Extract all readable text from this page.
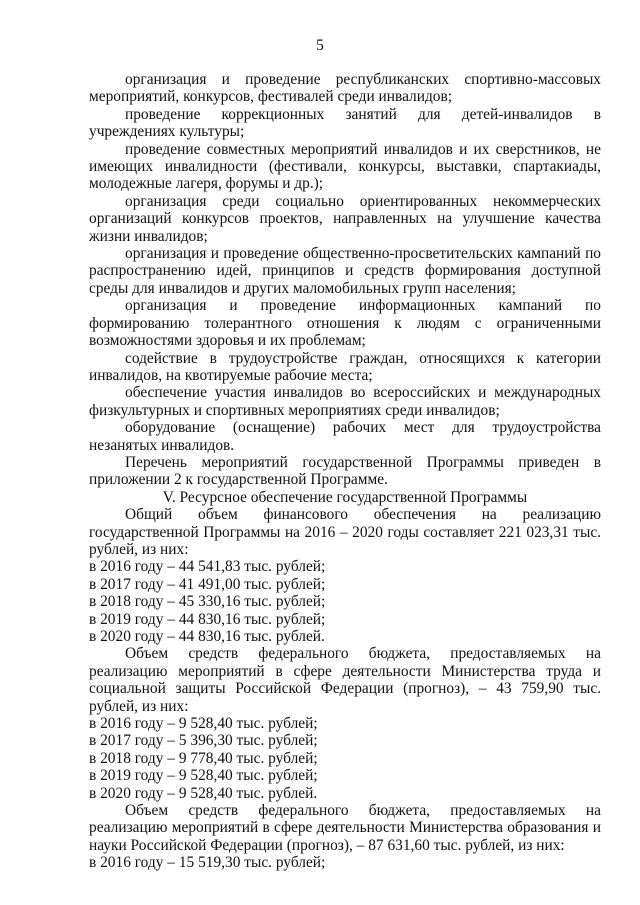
5

организация и проведение республиканских спортивно-массовых мероприятий, конкурсов, фестивалей среди инвалидов;

проведение коррекционных занятий для детей-инвалидов в учреждениях культуры;

проведение совместных мероприятий инвалидов и их сверстников, не имеющих инвалидности (фестивали, конкурсы, выставки, спартакиады, молодежные лагеря, форумы и др.);

организация среди социально ориентированных некоммерческих организаций конкурсов проектов, направленных на улучшение качества жизни инвалидов;

организация и проведение общественно-просветительских кампаний по распространению идей, принципов и средств формирования доступной среды для инвалидов и других маломобильных групп населения;

организация и проведение информационных кампаний по формированию толерантного отношения к людям с ограниченными возможностями здоровья и их проблемам;

содействие в трудоустройстве граждан, относящихся к категории инвалидов, на квотируемые рабочие места;

обеспечение участия инвалидов во всероссийских и международных физкультурных и спортивных мероприятиях среди инвалидов;

оборудование (оснащение) рабочих мест для трудоустройства незанятых инвалидов.

Перечень мероприятий государственной Программы приведен в приложении 2 к государственной Программе.

V. Ресурсное обеспечение государственной Программы

Общий объем финансового обеспечения на реализацию государственной Программы на 2016 – 2020 годы составляет 221 023,31 тыс. рублей, из них:

в 2016 году – 44 541,83 тыс. рублей;
в 2017 году – 41 491,00 тыс. рублей;
в 2018 году – 45 330,16 тыс. рублей;
в 2019 году – 44 830,16 тыс. рублей;
в 2020 году – 44 830,16 тыс. рублей.

Объем средств федерального бюджета, предоставляемых на реализацию мероприятий в сфере деятельности Министерства труда и социальной защиты Российской Федерации (прогноз), – 43 759,90 тыс. рублей, из них:

в 2016 году – 9 528,40 тыс. рублей;
в 2017 году – 5 396,30 тыс. рублей;
в 2018 году – 9 778,40 тыс. рублей;
в 2019 году – 9 528,40 тыс. рублей;
в 2020 году – 9 528,40 тыс. рублей.

Объем средств федерального бюджета, предоставляемых на реализацию мероприятий в сфере деятельности Министерства образования и науки Российской Федерации (прогноз), – 87 631,60 тыс. рублей, из них:

в 2016 году – 15 519,30 тыс. рублей;
